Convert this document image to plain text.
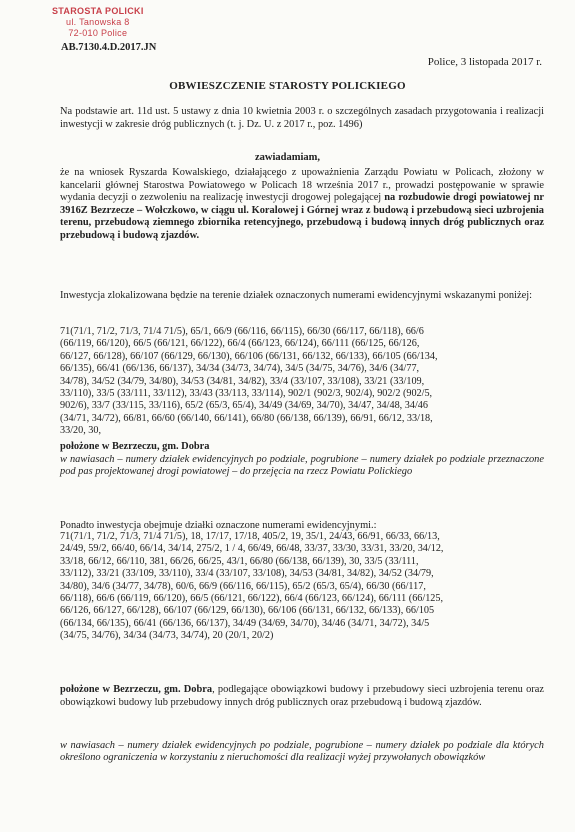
STAROSTA POLICKI
ul. Tanowska 8
72-010 Police
AB.7130.4.D.2017.JN
Police, 3 listopada 2017 r.
OBWIESZCZENIE STAROSTY POLICKIEGO

Na podstawie art. 11d ust. 5 ustawy z dnia 10 kwietnia 2003 r. o szczególnych zasadach przygotowania i realizacji inwestycji w zakresie dróg publicznych (t. j. Dz. U. z 2017 r., poz. 1496)

zawiadamiam,

że na wniosek Ryszarda Kowalskiego, działającego z upoważnienia Zarządu Powiatu w Policach, złożony w kancelarii głównej Starostwa Powiatowego w Policach 18 września 2017 r., prowadzi postępowanie w sprawie wydania decyzji o zezwoleniu na realizację inwestycji drogowej polegającej na rozbudowie drogi powiatowej nr 3916Z Bezrzecze – Wołczkowo, w ciągu ul. Koralowej i Górnej wraz z budową i przebudową sieci uzbrojenia terenu, przebudową ziemnego zbiornika retencyjnego, przebudową i budową innych dróg publicznych oraz przebudową i budową zjazdów.

Inwestycja zlokalizowana będzie na terenie działek oznaczonych numerami ewidencyjnymi wskazanymi poniżej:

71(71/1, 71/2, 71/3, 71/4 71/5), 65/1, 66/9 (66/116, 66/115), 66/30 (66/117, 66/118), 66/6
(66/119, 66/120), 66/5 (66/121, 66/122), 66/4 (66/123, 66/124), 66/111 (66/125, 66/126,
66/127, 66/128), 66/107 (66/129, 66/130), 66/106 (66/131, 66/132, 66/133), 66/105 (66/134,
66/135), 66/41 (66/136, 66/137), 34/34 (34/73, 34/74), 34/5 (34/75, 34/76), 34/6 (34/77,
34/78), 34/52 (34/79, 34/80), 34/53 (34/81, 34/82), 33/4 (33/107, 33/108), 33/21 (33/109,
33/110), 33/5 (33/111, 33/112), 33/43 (33/113, 33/114), 902/1 (902/3, 902/4), 902/2 (902/5,
902/6), 33/7 (33/115, 33/116), 65/2 (65/3, 65/4), 34/49 (34/69, 34/70), 34/47, 34/48, 34/46
(34/71, 34/72), 66/81, 66/60 (66/140, 66/141), 66/80 (66/138, 66/139), 66/91, 66/12, 33/18,
33/20, 30,
położone w Bezrzeczu, gm. Dobra

w nawiasach – numery działek ewidencyjnych po podziale, pogrubione – numery działek po podziale przeznaczone pod pas projektowanej drogi powiatowej – do przejęcia na rzecz Powiatu Polickiego

Ponadto inwestycja obejmuje działki oznaczone numerami ewidencyjnymi.:
71(71/1, 71/2, 71/3, 71/4 71/5), 18, 17/17, 17/18, 405/2, 19, 35/1, 24/43, 66/91, 66/33, 66/13,
24/49, 59/2, 66/40, 66/14, 34/14, 275/2, 1 / 4, 66/49, 66/48, 33/37, 33/30, 33/31, 33/20, 34/12,
33/18, 66/12, 66/110, 381, 66/26, 66/25, 43/1, 66/80 (66/138, 66/139), 30, 33/5 (33/111,
33/112), 33/21 (33/109, 33/110), 33/4 (33/107, 33/108), 34/53 (34/81, 34/82), 34/52 (34/79,
34/80), 34/6 (34/77, 34/78), 60/6, 66/9 (66/116, 66/115), 65/2 (65/3, 65/4), 66/30 (66/117,
66/118), 66/6 (66/119, 66/120), 66/5 (66/121, 66/122), 66/4 (66/123, 66/124), 66/111 (66/125,
66/126, 66/127, 66/128), 66/107 (66/129, 66/130), 66/106 (66/131, 66/132, 66/133), 66/105
(66/134, 66/135), 66/41 (66/136, 66/137), 34/49 (34/69, 34/70), 34/46 (34/71, 34/72), 34/5
(34/75, 34/76), 34/34 (34/73, 34/74), 20 (20/1, 20/2)

położone w Bezrzeczu, gm. Dobra, podlegające obowiązkowi budowy i przebudowy sieci uzbrojenia terenu oraz obowiązkowi budowy lub przebudowy innych dróg publicznych oraz przebudową i budową zjazdów.

w nawiasach – numery działek ewidencyjnych po podziale, pogrubione – numery działek po podziale dla których określono ograniczenia w korzystaniu z nieruchomości dla realizacji wyżej przywołanych obowiązków
